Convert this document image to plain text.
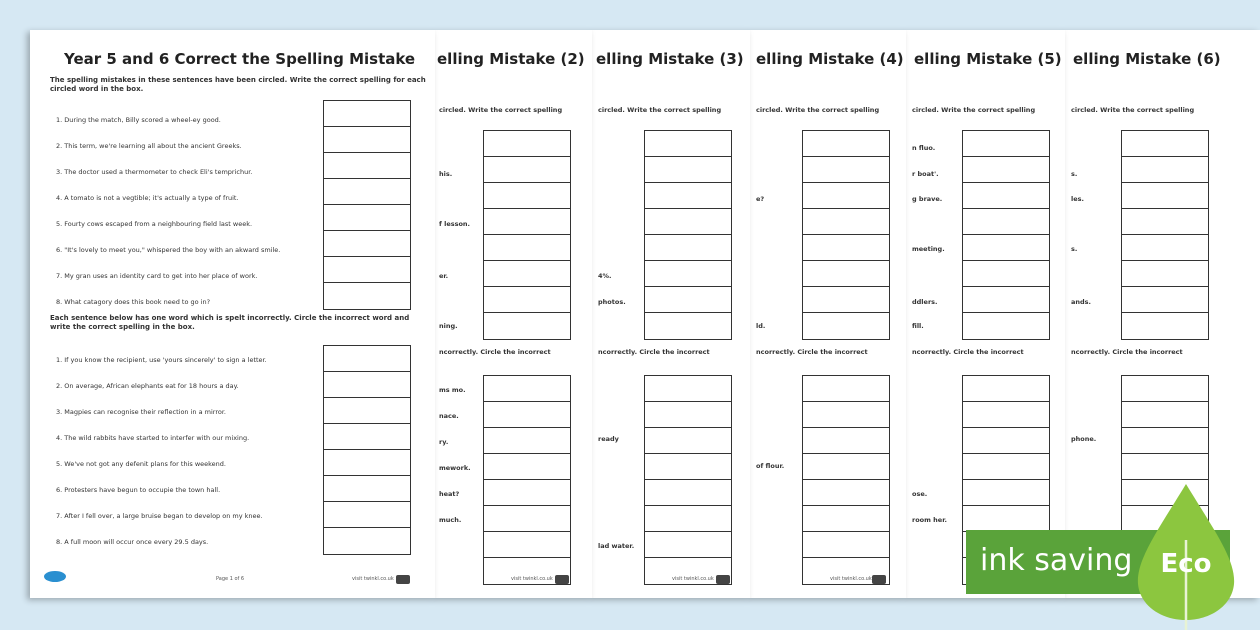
elling Mistake (6)
circled. Write the correct spelling
s.
les.
s.
ands.
ncorrectly. Circle the incorrect
phone.
elling Mistake (5)
circled. Write the correct spelling
n fluo.
r boat'.
g brave.
meeting.
ddlers.
fill.
ncorrectly. Circle the incorrect
ose.
room her.
elling Mistake (4)
circled. Write the correct spelling
e?
ld.
ncorrectly. Circle the incorrect
of flour.
visit twinkl.co.uk
elling Mistake (3)
circled. Write the correct spelling
4%.
photos.
ncorrectly. Circle the incorrect
ready
lad water.
visit twinkl.co.uk
elling Mistake (2)
circled. Write the correct spelling
his.
f lesson.
er.
ning.
ncorrectly. Circle the incorrect
ms mo.
nace.
ry.
mework.
heat?
much.
visit twinkl.co.uk
Year 5 and 6 Correct the Spelling Mistake
The spelling mistakes in these sentences have been circled. Write the correct spelling for each circled word in the box.
1. During the match, Billy scored a wheel-ey good.
2. This term, we're learning all about the ancient Greeks.
3. The doctor used a thermometer to check Eli's temprichur.
4. A tomato is not a vegtible; it's actually a type of fruit.
5. Fourty cows escaped from a neighbouring field last week.
6. "It's lovely to meet you," whispered the boy with an akward smile.
7. My gran uses an identity card to get into her place of work.
8. What catagory does this book need to go in?
Each sentence below has one word which is spelt incorrectly. Circle the incorrect word and write the correct spelling in the box.
1. If you know the recipient, use 'yours sincerely' to sign a letter.
2. On average, African elephants eat for 18 hours a day.
3. Magpies can recognise their reflection in a mirror.
4. The wild rabbits have started to interfer with our mixing.
5. We've not got any defenit plans for this weekend.
6. Protesters have begun to occupie the town hall.
7. After I fell over, a large bruise began to develop on my knee.
8. A full moon will occur once every 29.5 days.
Page 1 of 6	visit twinkl.co.uk
ink saving Eco
